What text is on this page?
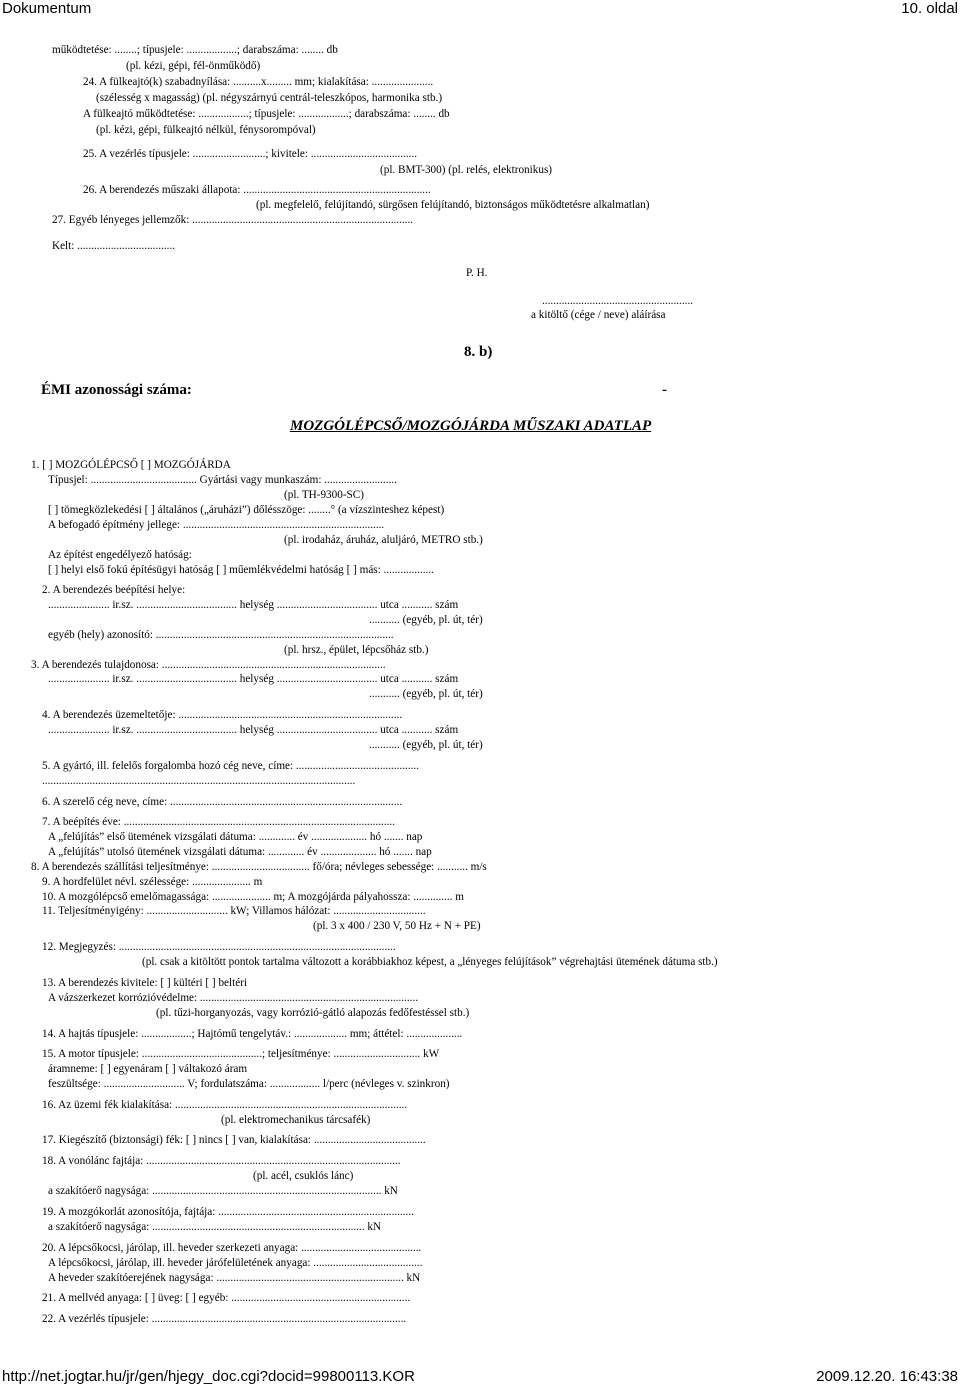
Dokumentum	10. oldal
működtetése: ........; típusjele: ..................; darabszáma: ........ db
(pl. kézi, gépi, fél-önműködő)
24. A fülkeajtó(k) szabadnyílása: ..........x......... mm; kialakítása: ......................
(szélesség x magasság) (pl. négyszárnyú centrál-teleszkópos, harmonika stb.)
A fülkeajtó működtetése: ..................; típusjele: ..................; darabszáma: ........ db
(pl. kézi, gépi, fülkeajtó nélkül, fénysorompóval)
25. A vezérlés típusjele: ..........................; kivitele: ......................................
(pl. BMT-300) (pl. relés, elektronikus)
26. A berendezés műszaki állapota: ...................................................................
(pl. megfelelő, felújítandó, sürgősen felújítandó, biztonságos működtetésre alkalmatlan)
27. Egyéb lényeges jellemzők: ...............................................................................
Kelt: ...................................
P. H.
......................................................
a kitöltő (cége / neve) aláírása
8. b)
ÉMI azonossági száma:	-
MOZGÓLÉPCSŐ/MOZGÓJÁRDA MŰSZAKI ADATLAP
1. [ ] MOZGÓLÉPCSŐ [ ] MOZGÓJÁRDA
Típusjel: ...................................... Gyártási vagy munkaszám: ..........................
(pl. TH-9300-SC)
[ ] tömegközlekedési [ ] általános („áruházi”) dőlésszöge: ........° (a vízszinteshez képest)
A befogadó építmény jellege: ........................................................................
(pl. irodaház, áruház, aluljáró, METRO stb.)
Az építést engedélyező hatóság:
[ ] helyi első fokú építésügyi hatóság [ ] műemlékvédelmi hatóság [ ] más: ..................
2. A berendezés beépítési helye:
...................... ir.sz. .................................... helység .................................... utca ........... szám
........... (egyéb, pl. út, tér)
egyéb (hely) azonosító: .....................................................................................
(pl. hrsz., épület, lépcsőház stb.)
3. A berendezés tulajdonosa: ................................................................................
...................... ir.sz. .................................... helység .................................... utca ........... szám
........... (egyéb, pl. út, tér)
4. A berendezés üzemeltetője: ................................................................................
...................... ir.sz. .................................... helység .................................... utca ........... szám
........... (egyéb, pl. út, tér)
5. A gyártó, ill. felelős forgalomba hozó cég neve, címe: ............................................
................................................................................................................
6. A szerelő cég neve, címe: ...................................................................................
7. A beépítés éve: .................................................................................................
A „felújítás” első ütemének vizsgálati dátuma: ............. év .................... hó ....... nap
A „felújítás” utolsó ütemének vizsgálati dátuma: ............. év .................... hó ....... nap
8. A berendezés szállítási teljesítménye: ................................... fő/óra; névleges sebessége: ........... m/s
9. A hordfelület névl. szélessége: ..................... m
10. A mozgólépcső emelőmagassága: ..................... m; A mozgójárda pályahossza: .............. m
11. Teljesítményigény: ............................. kW; Villamos hálózat: .................................
(pl. 3 x 400 / 230 V, 50 Hz + N + PE)
12. Megjegyzés: ...................................................................................................
(pl. csak a kitöltött pontok tartalma változott a korábbiakhoz képest, a „lényeges felújítások” végrehajtási ütemének dátuma stb.)
13. A berendezés kivitele: [ ] kültéri [ ] beltéri
A vázszerkezet korrózióvédelme: ..............................................................................
(pl. tűzi-horganyozás, vagy korrózió-gátló alapozás fedőfestéssel stb.)
14. A hajtás típusjele: ..................; Hajtómű tengelytáv.: ................... mm; áttétel: ....................
15. A motor típusjele: ...........................................; teljesítménye: ............................... kW
áramneme: [ ] egyenáram [ ] váltakozó áram
feszültsége: ............................. V; fordulatszáma: .................. l/perc (névleges v. szinkron)
16. Az üzemi fék kialakítása: ...................................................................................
(pl. elektromechanikus tárcsafék)
17. Kiegészítő (biztonsági) fék: [ ] nincs [ ] van, kialakítása: ........................................
18. A vonólánc fajtája: ...........................................................................................
(pl. acél, csuklós lánc)
a szakítóerő nagysága: .................................................................................. kN
19. A mozgókorlát azonosítója, fajtája: ......................................................................
a szakítóerő nagysága: ............................................................................ kN
20. A lépcsőkocsi, járólap, ill. heveder szerkezeti anyaga: ...........................................
A lépcsőkocsi, járólap, ill. heveder járófelületének anyaga: .......................................
A heveder szakítóerejének nagysága: ................................................................... kN
21. A mellvéd anyaga: [ ] üveg: [ ] egyéb: ................................................................
22. A vezérlés típusjele: ...........................................................................................
http://net.jogtar.hu/jr/gen/hjegy_doc.cgi?docid=99800113.KOR	2009.12.20. 16:43:38
